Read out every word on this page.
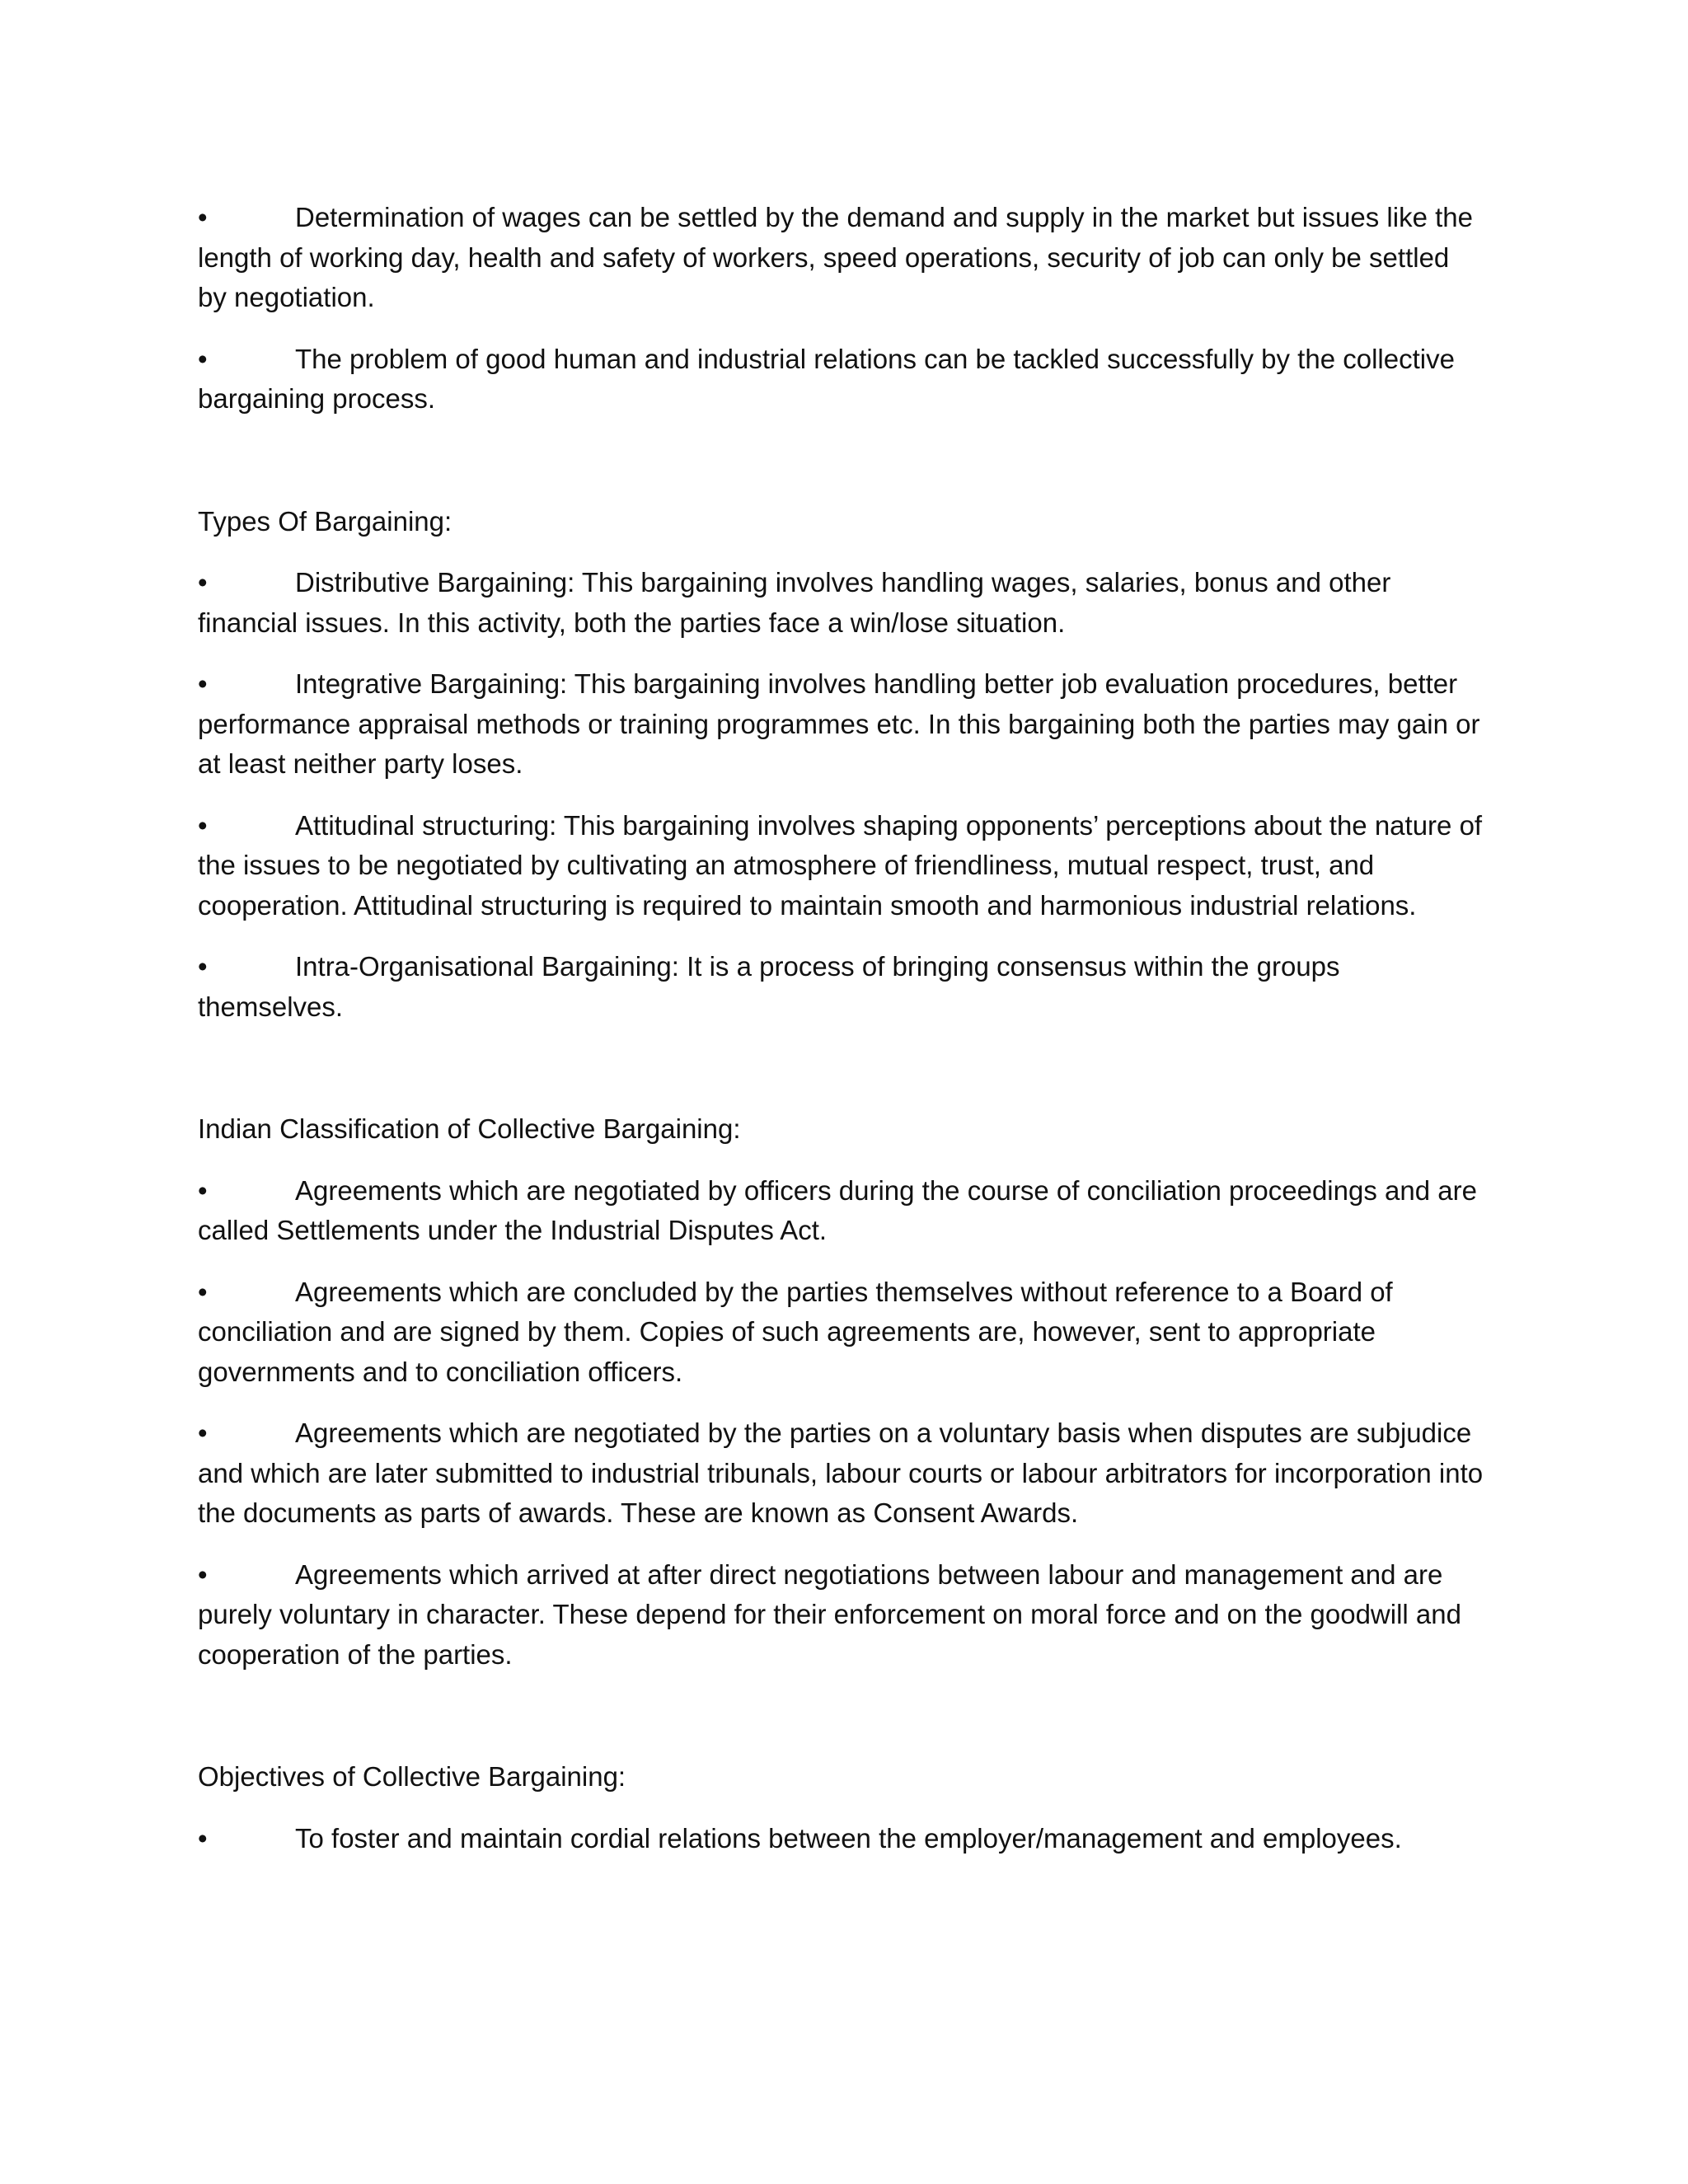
•	Determination of wages can be settled by the demand and supply in the market but issues like the length of working day, health and safety of workers, speed operations, security of job can only be settled by negotiation.

•	The problem of good human and industrial relations can be tackled successfully by the collective bargaining process.

Types Of Bargaining:

•	Distributive Bargaining: This bargaining involves handling wages, salaries, bonus and other financial issues. In this activity, both the parties face a win/lose situation.

•	Integrative Bargaining: This bargaining involves handling better job evaluation procedures, better performance appraisal methods or training programmes etc. In this bargaining both the parties may gain or at least neither party loses.

•	Attitudinal structuring: This bargaining involves shaping opponents’ perceptions about the nature of the issues to be negotiated by cultivating an atmosphere of friendliness, mutual respect, trust, and cooperation. Attitudinal structuring is required to maintain smooth and harmonious industrial relations.

•	Intra-Organisational Bargaining: It is a process of bringing consensus within the groups themselves.

Indian Classification of Collective Bargaining:

•	Agreements which are negotiated by officers during the course of conciliation proceedings and are called Settlements under the Industrial Disputes Act.

•	Agreements which are concluded by the parties themselves without reference to a Board of conciliation and are signed by them. Copies of such agreements are, however, sent to appropriate governments and to conciliation officers.

•	Agreements which are negotiated by the parties on a voluntary basis when disputes are subjudice and which are later submitted to industrial tribunals, labour courts or labour arbitrators for incorporation into the documents as parts of awards. These are known as Consent Awards.

•	Agreements which arrived at after direct negotiations between labour and management and are purely voluntary in character. These depend for their enforcement on moral force and on the goodwill and cooperation of the parties.

Objectives of Collective Bargaining:

•	To foster and maintain cordial relations between the employer/management and employees.
